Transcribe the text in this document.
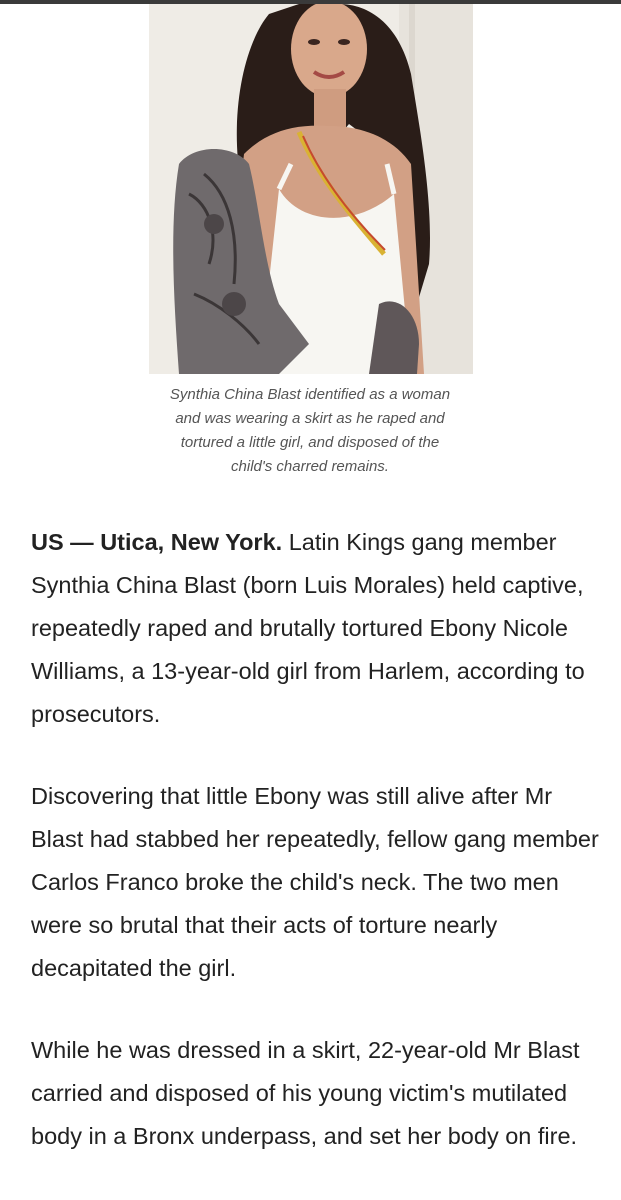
Synthia China Blast identified as a woman
and was wearing a skirt as he raped and
tortured a little girl, and disposed of the
child's charred remains.

US — Utica, New York. Latin Kings gang member Synthia China Blast (born Luis Morales) held captive, repeatedly raped and brutally tortured Ebony Nicole Williams, a 13-year-old girl from Harlem, according to prosecutors.

Discovering that little Ebony was still alive after Mr Blast had stabbed her repeatedly, fellow gang member Carlos Franco broke the child's neck. The two men were so brutal that their acts of torture nearly decapitated the girl.

While he was dressed in a skirt, 22-year-old Mr Blast carried and disposed of his young victim's mutilated body in a Bronx underpass, and set her body on fire.
